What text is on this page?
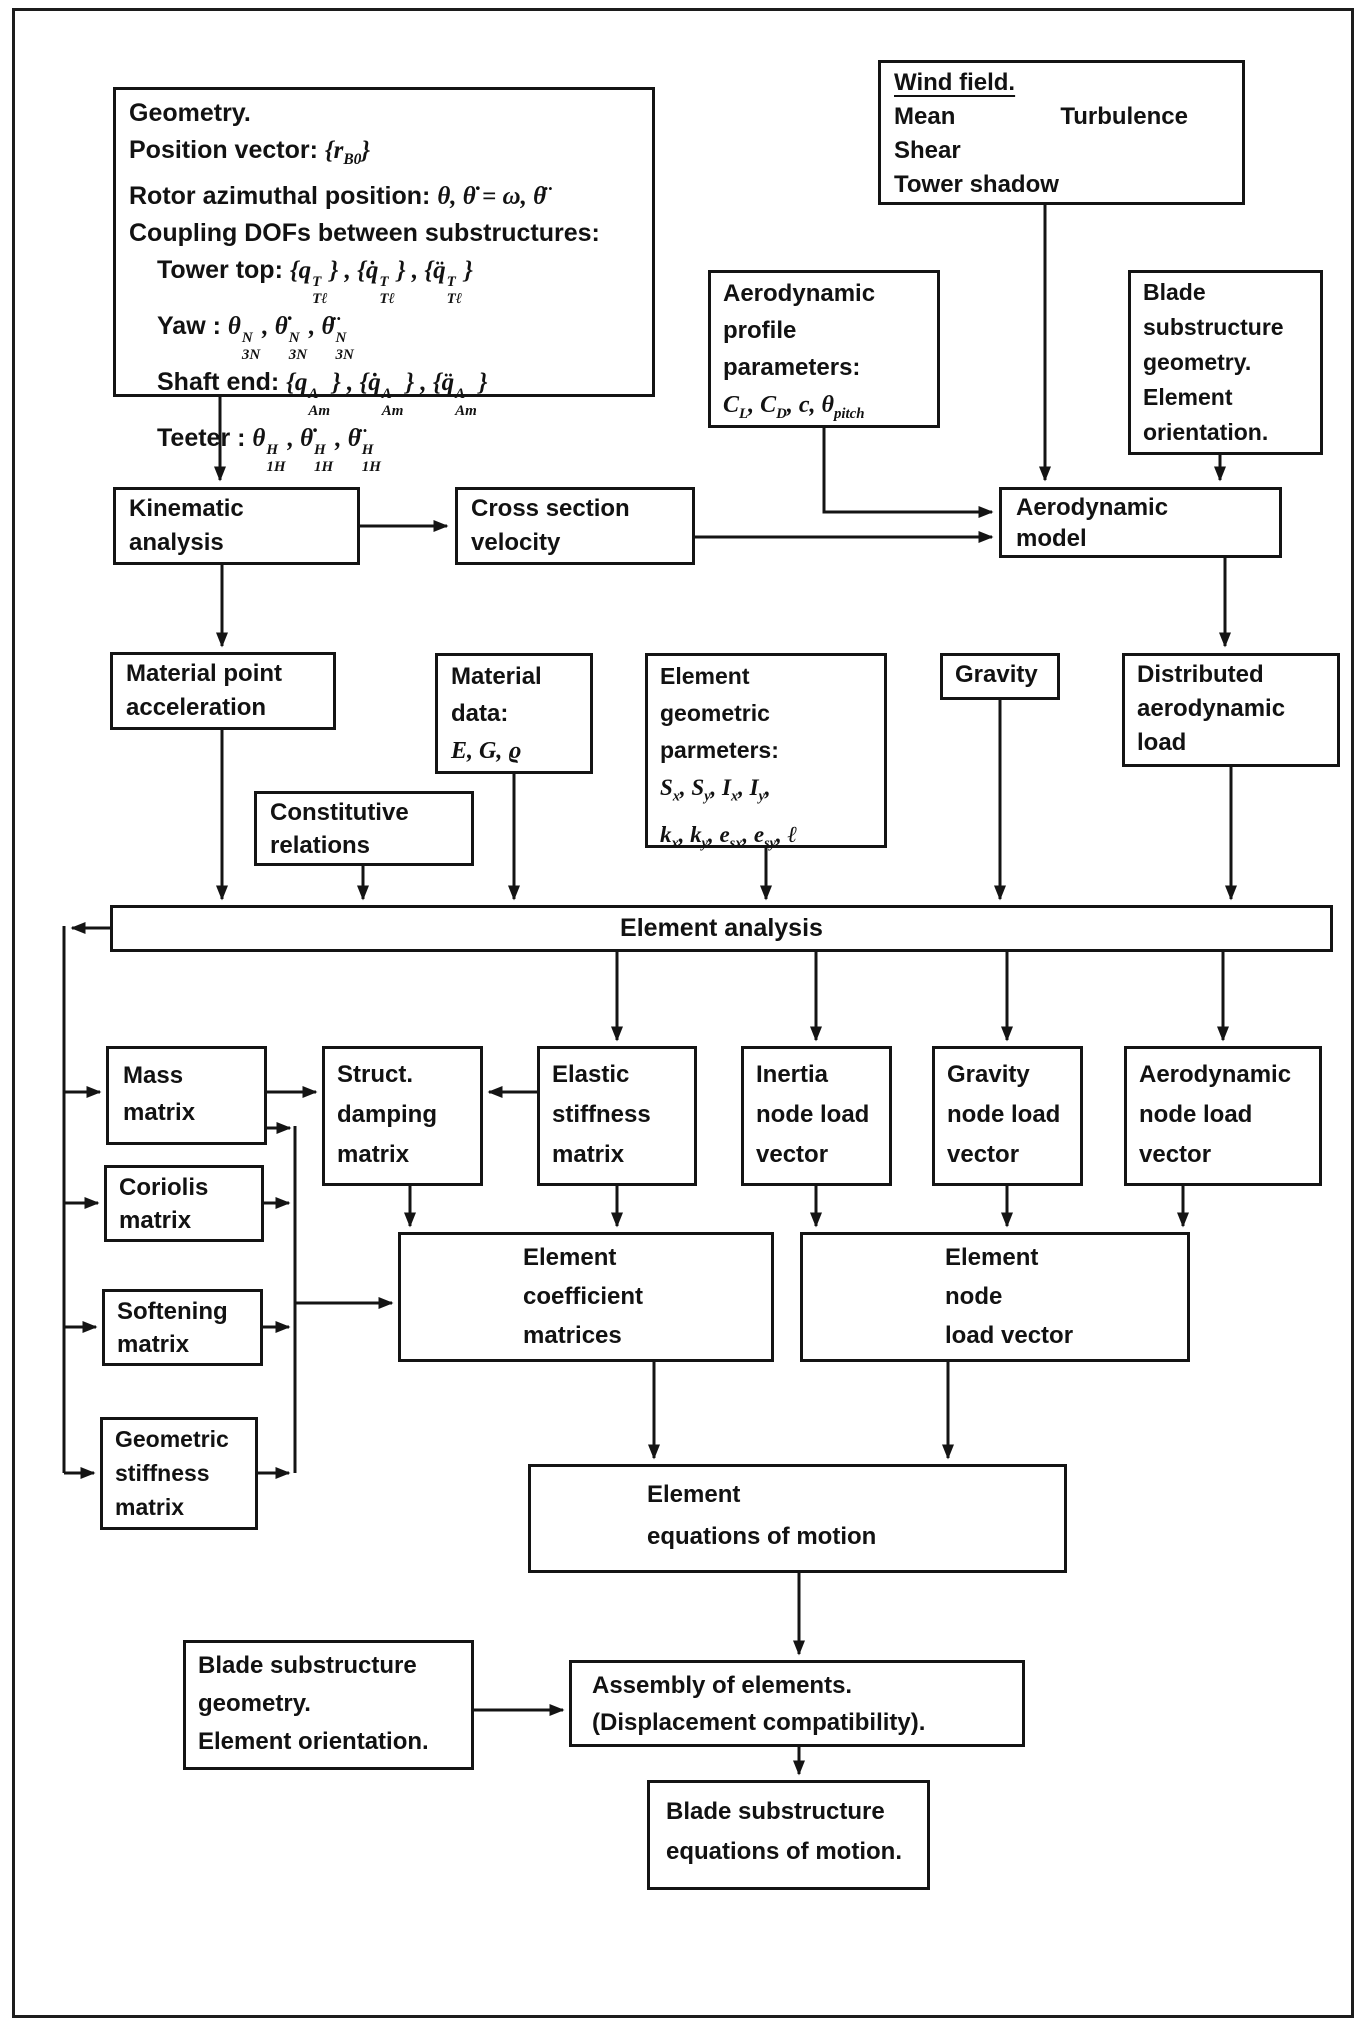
Geometry.
Position vector: $\{r_{B0}\}$
Rotor azimuthal position: θ, θ̇ = ω, θ̈
Coupling DOFs between substructures:
Tower top: {q T
Tℓ
} , {q̇ T
Tℓ
} , {q̈ T
Tℓ
}
Yaw : θ N
3N
, θ̇ N
3N
, θ̈ N
3N
Shaft end: {q A
Am
} , {q̇ A
Am
} , {q̈ A
Am
}
Teeter : θ H
1H
, θ̇ H
1H
, θ̈ H
1H
Wind field.
Mean	Turbulence
Shear
Tower shadow
Aerodynamic
profile
parameters:
$C_L$, $C_D$, c, $\theta_{pitch}$
Blade
substructure
geometry.
Element
orientation.
Kinematic
analysis
Cross section
velocity
Aerodynamic
model
Material point
acceleration
Material
data:
E, G, ϱ
Element
geometric
parmeters:
$S_x$, $S_y$, $I_x$, $I_y$,
$k_x$, $k_y$, $e_{sx}$, $e_{sy}$, ℓ
Gravity	Distributed
aerodynamic
load
Constitutive
relations
Element analysis
Mass
matrix
Struct.
damping
matrix
Elastic
stiffness
matrix
Inertia
node load
vector
Gravity
node load
vector
Aerodynamic
node load
vector
Coriolis
matrix
Softening
matrix
Geometric
stiffness
matrix
Element
coefficient
matrices
Element
node
load vector
Element
equations of motion
Blade substructure
geometry.
Element orientation.
Assembly of elements.
(Displacement compatibility).
Blade substructure
equations of motion.
